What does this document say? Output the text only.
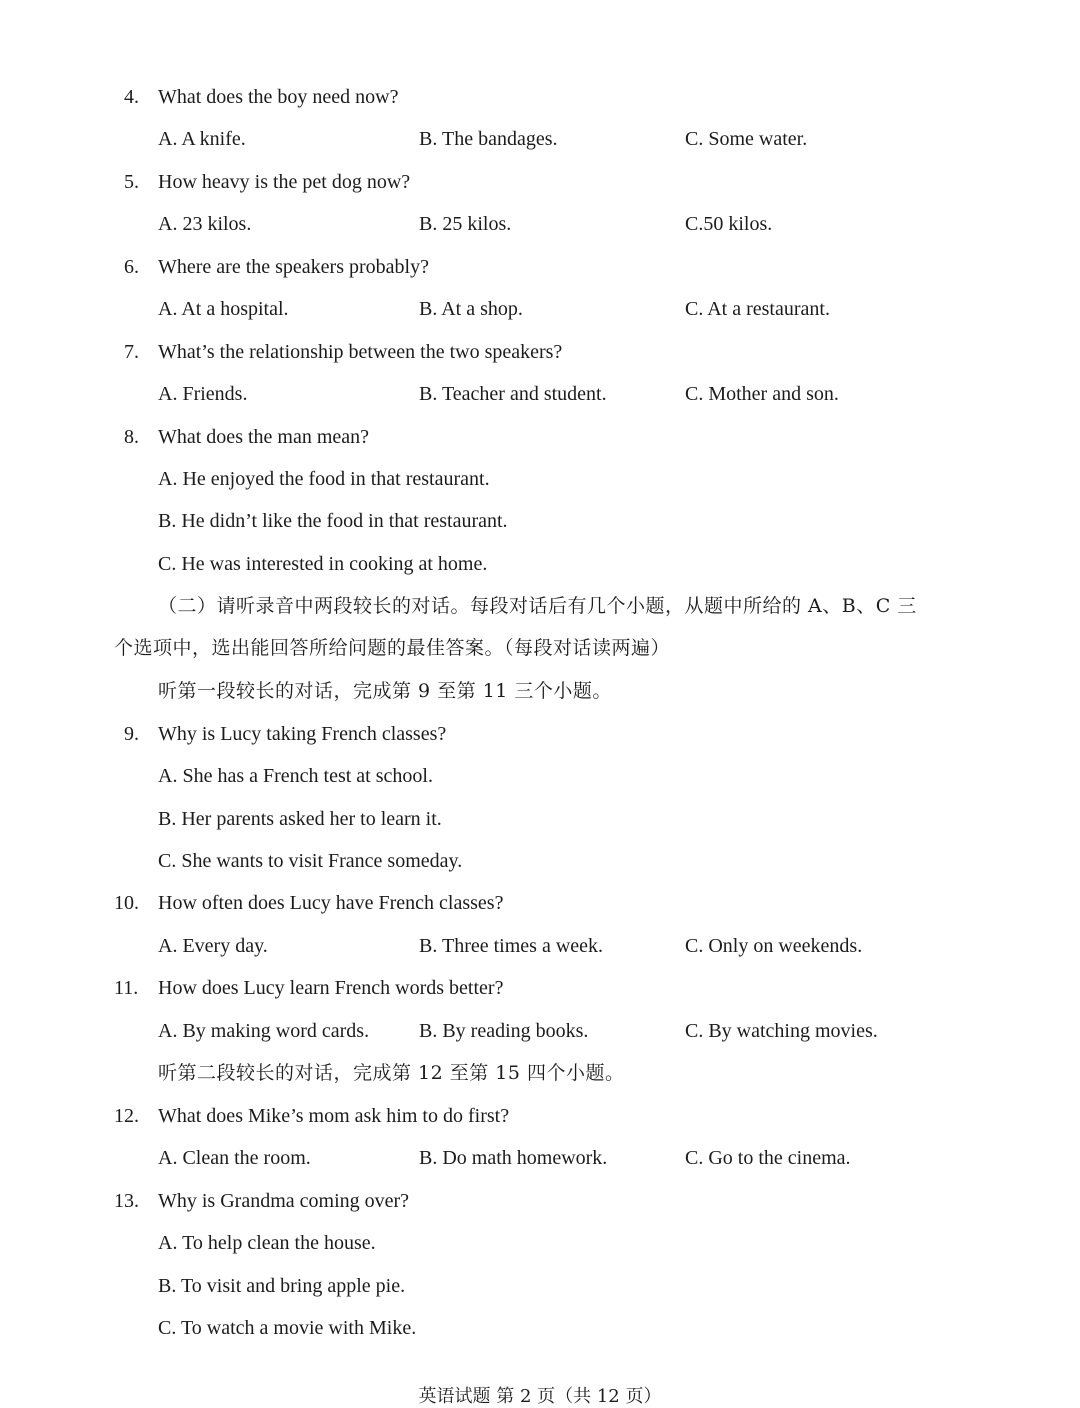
4. What does the boy need now?
A. A knife.	B. The bandages.	C. Some water.
5. How heavy is the pet dog now?
A. 23 kilos.	B. 25 kilos.	C.50 kilos.
6. Where are the speakers probably?
A. At a hospital.	B. At a shop.	C. At a restaurant.
7. What’s the relationship between the two speakers?
A. Friends.	B. Teacher and student.	C. Mother and son.
8. What does the man mean?
A. He enjoyed the food in that restaurant.
B. He didn’t like the food in that restaurant.
C. He was interested in cooking at home.
（二）请听录音中两段较长的对话。每段对话后有几个小题，从题中所给的 A、B、C 三
个选项中，选出能回答所给问题的最佳答案。（每段对话读两遍）
听第一段较长的对话，完成第 9 至第 11 三个小题。
9. Why is Lucy taking French classes?
A. She has a French test at school.
B. Her parents asked her to learn it.
C. She wants to visit France someday.
10. How often does Lucy have French classes?
A. Every day.	B. Three times a week.	C. Only on weekends.
11. How does Lucy learn French words better?
A. By making word cards. B. By reading books.	C. By watching movies.
听第二段较长的对话，完成第 12 至第 15 四个小题。
12. What does Mike’s mom ask him to do first?
A. Clean the room.	B. Do math homework.	C. Go to the cinema.
13. Why is Grandma coming over?
A. To help clean the house.
B. To visit and bring apple pie.
C. To watch a movie with Mike.
英语试题 第 2 页（共 12 页）
